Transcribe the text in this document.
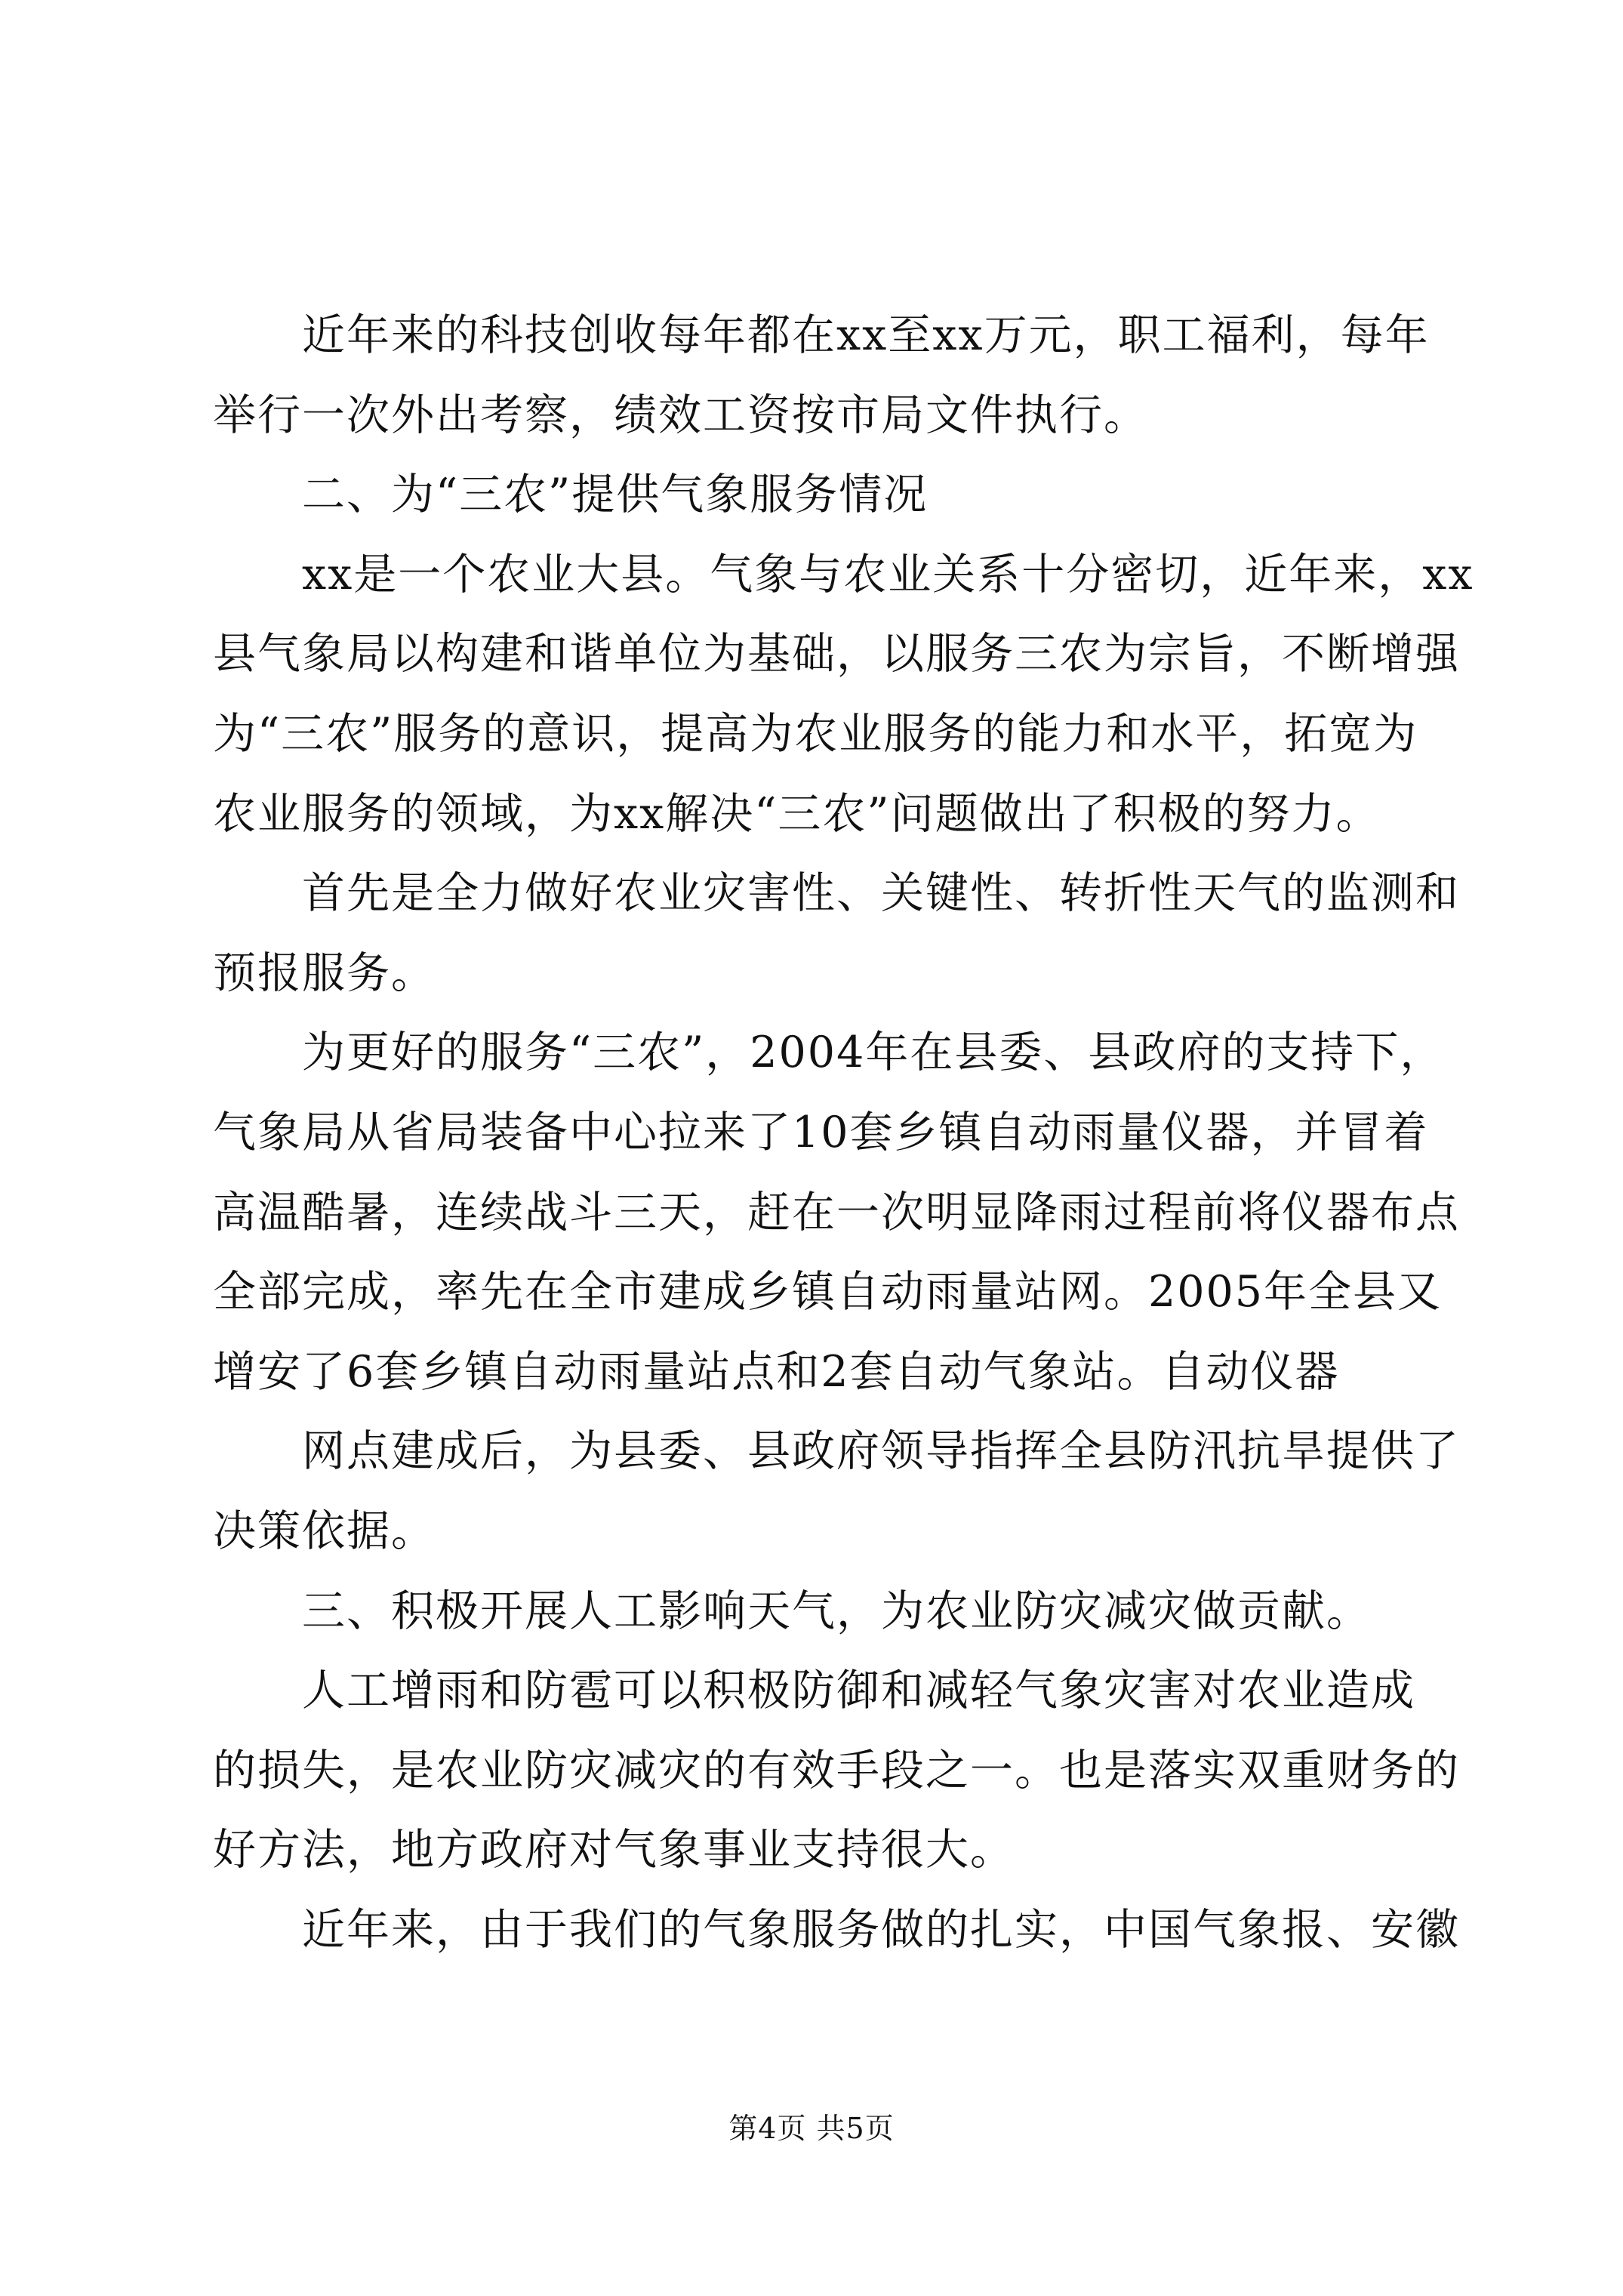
近年来的科技创收每年都在xx至xx万元，职工福利，每年
举行一次外出考察，绩效工资按市局文件执行。

二、为“三农”提供气象服务情况

xx是一个农业大县。气象与农业关系十分密切，近年来，xx
县气象局以构建和谐单位为基础，以服务三农为宗旨，不断增强
为“三农”服务的意识，提高为农业服务的能力和水平，拓宽为
农业服务的领域，为xx解决“三农”问题做出了积极的努力。

首先是全力做好农业灾害性、关键性、转折性天气的监测和
预报服务。

为更好的服务“三农”，2004年在县委、县政府的支持下，
气象局从省局装备中心拉来了10套乡镇自动雨量仪器，并冒着
高温酷暑，连续战斗三天，赶在一次明显降雨过程前将仪器布点
全部完成，率先在全市建成乡镇自动雨量站网。2005年全县又
增安了6套乡镇自动雨量站点和2套自动气象站。自动仪器

网点建成后，为县委、县政府领导指挥全县防汛抗旱提供了
决策依据。

三、积极开展人工影响天气，为农业防灾减灾做贡献。

人工增雨和防雹可以积极防御和减轻气象灾害对农业造成
的损失，是农业防灾减灾的有效手段之一。也是落实双重财务的
好方法，地方政府对气象事业支持很大。

近年来，由于我们的气象服务做的扎实，中国气象报、安徽

第4页 共5页
